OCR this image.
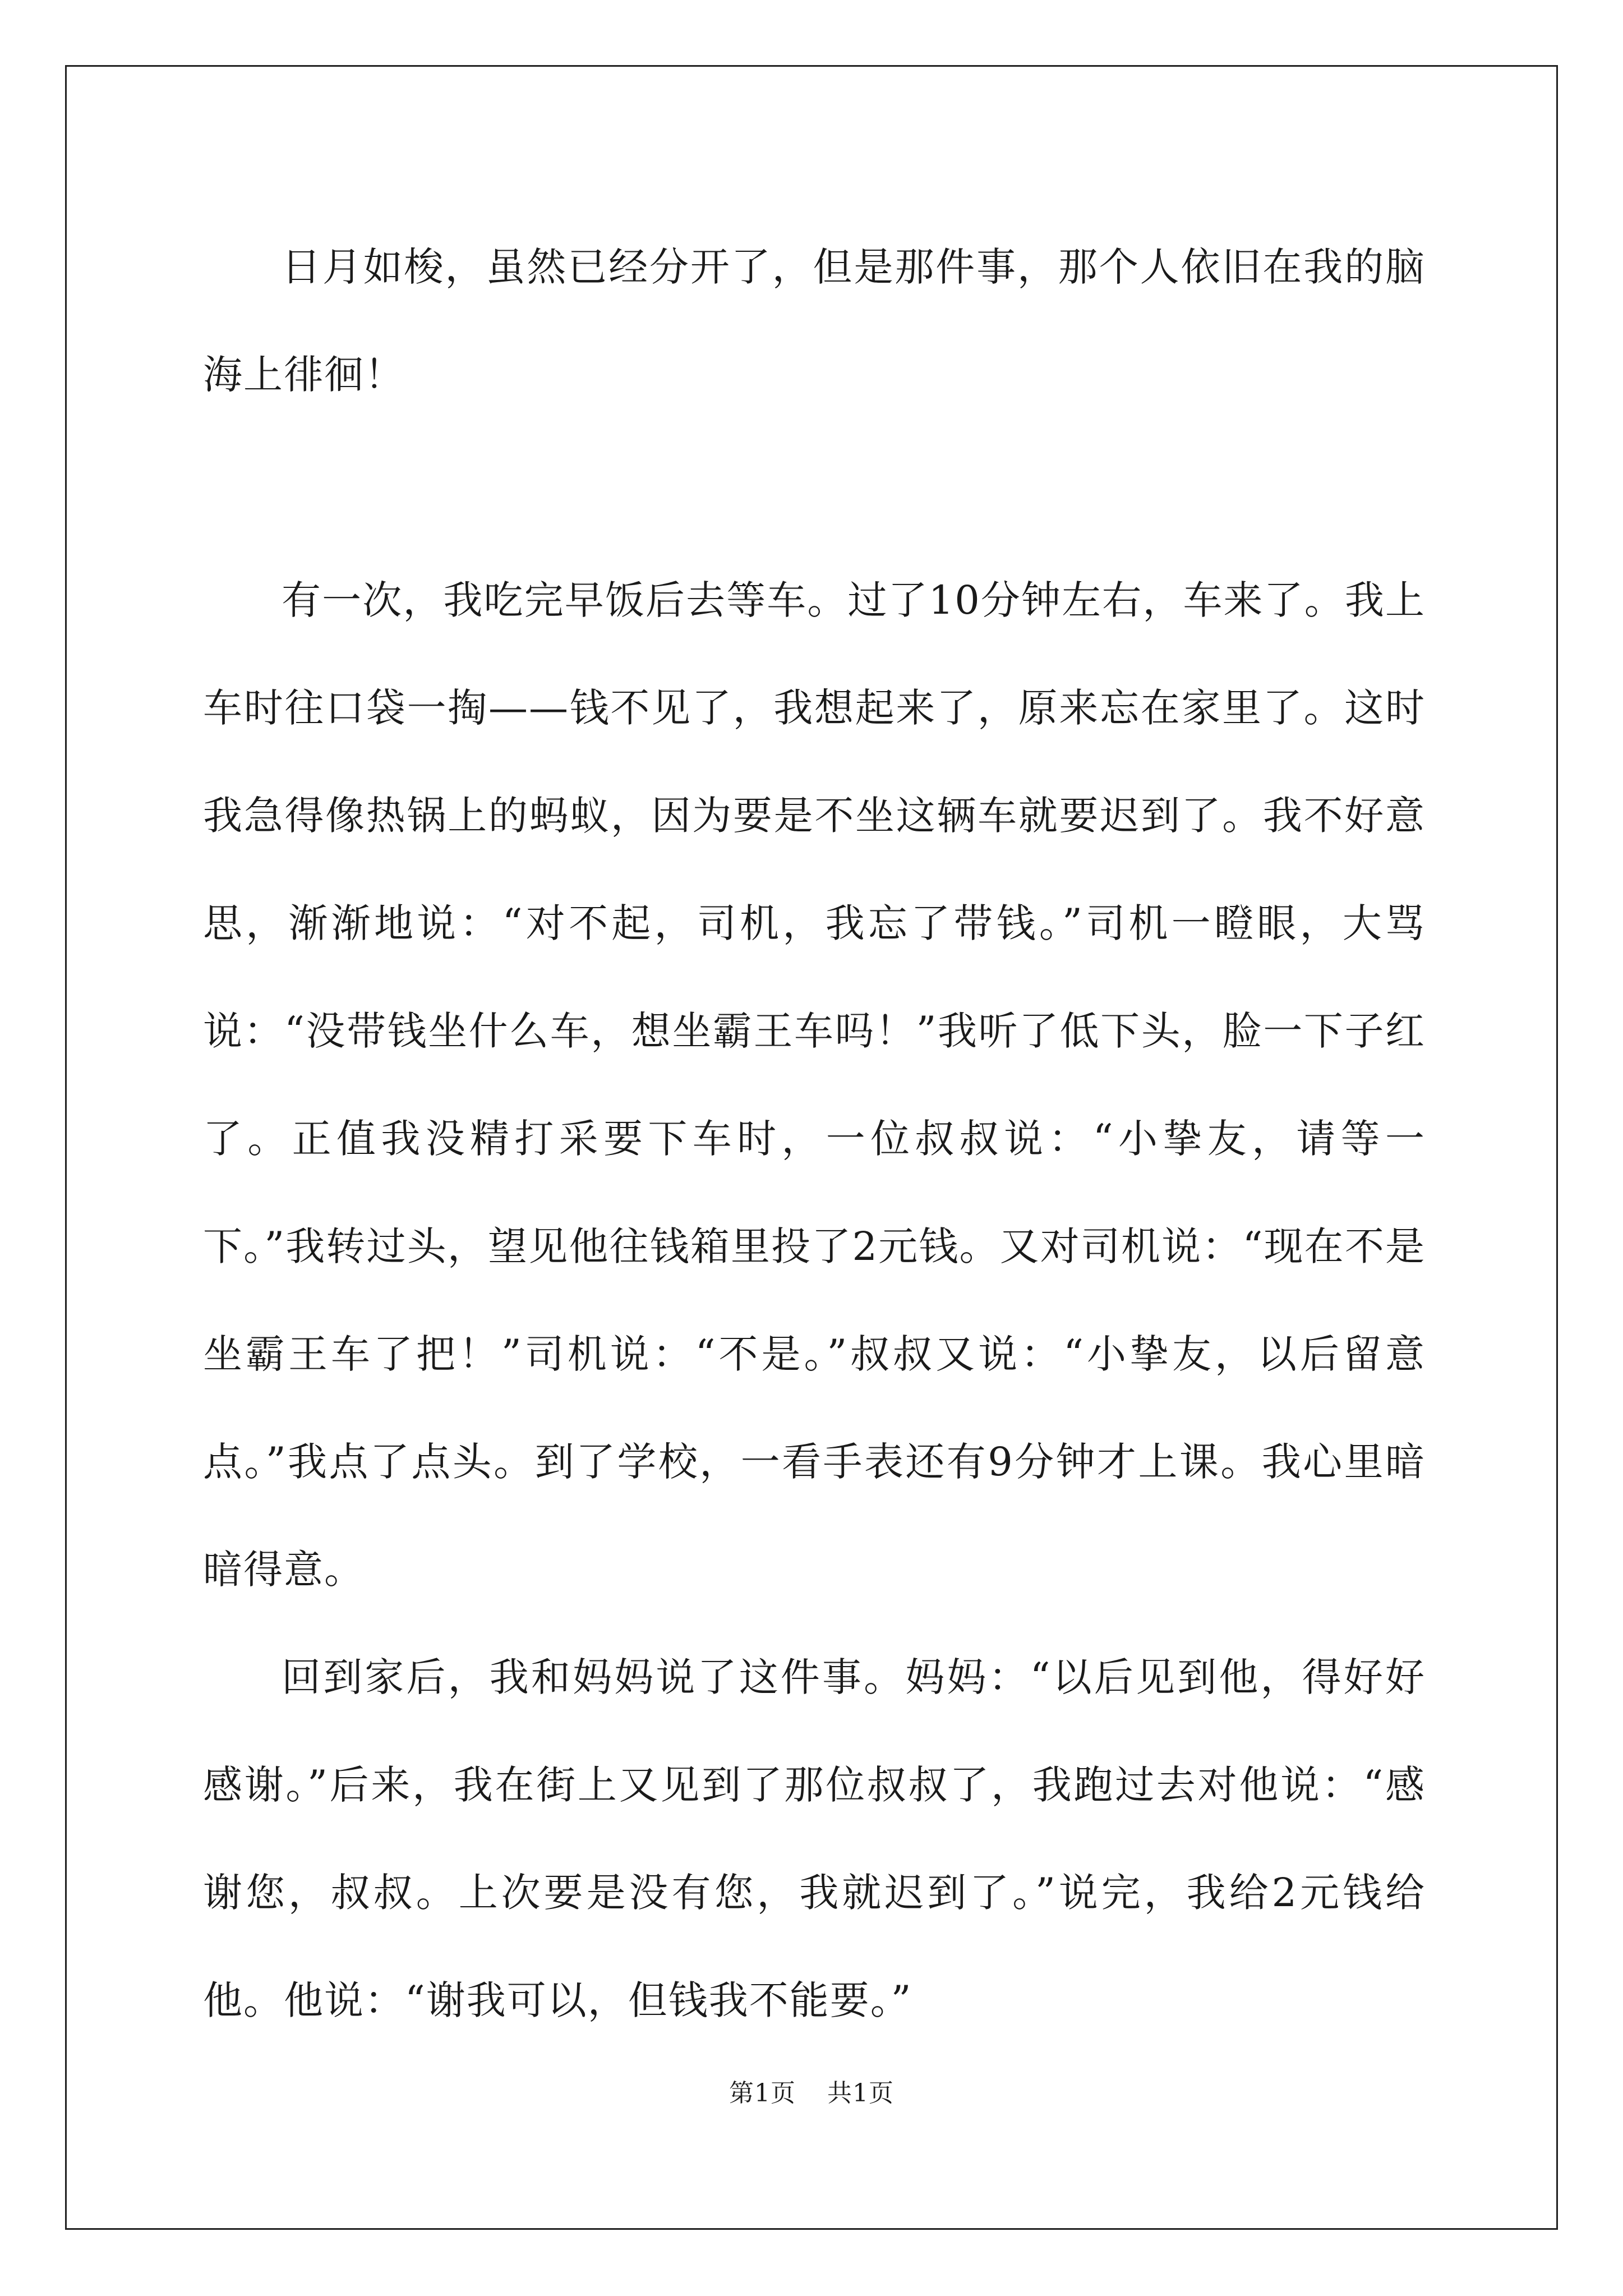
日月如梭，虽然已经分开了，但是那件事，那个人依旧在我的脑海上徘徊！

有一次，我吃完早饭后去等车。过了10分钟左右，车来了。我上车时往口袋一掏——钱不见了，我想起来了，原来忘在家里了。这时我急得像热锅上的蚂蚁，因为要是不坐这辆车就要迟到了。我不好意思，渐渐地说：“对不起，司机，我忘了带钱。”司机一瞪眼，大骂说：“没带钱坐什么车，想坐霸王车吗！”我听了低下头，脸一下子红了。正值我没精打采要下车时，一位叔叔说：“小挚友，请等一下。”我转过头，望见他往钱箱里投了2元钱。又对司机说：“现在不是坐霸王车了把！”司机说：“不是。”叔叔又说：“小挚友，以后留意点。”我点了点头。到了学校，一看手表还有9分钟才上课。我心里暗暗得意。

回到家后，我和妈妈说了这件事。妈妈：“以后见到他，得好好感谢。”后来，我在街上又见到了那位叔叔了，我跑过去对他说：“感谢您，叔叔。上次要是没有您，我就迟到了。”说完，我给2元钱给他。他说：“谢我可以，但钱我不能要。”

第1页 共1页
